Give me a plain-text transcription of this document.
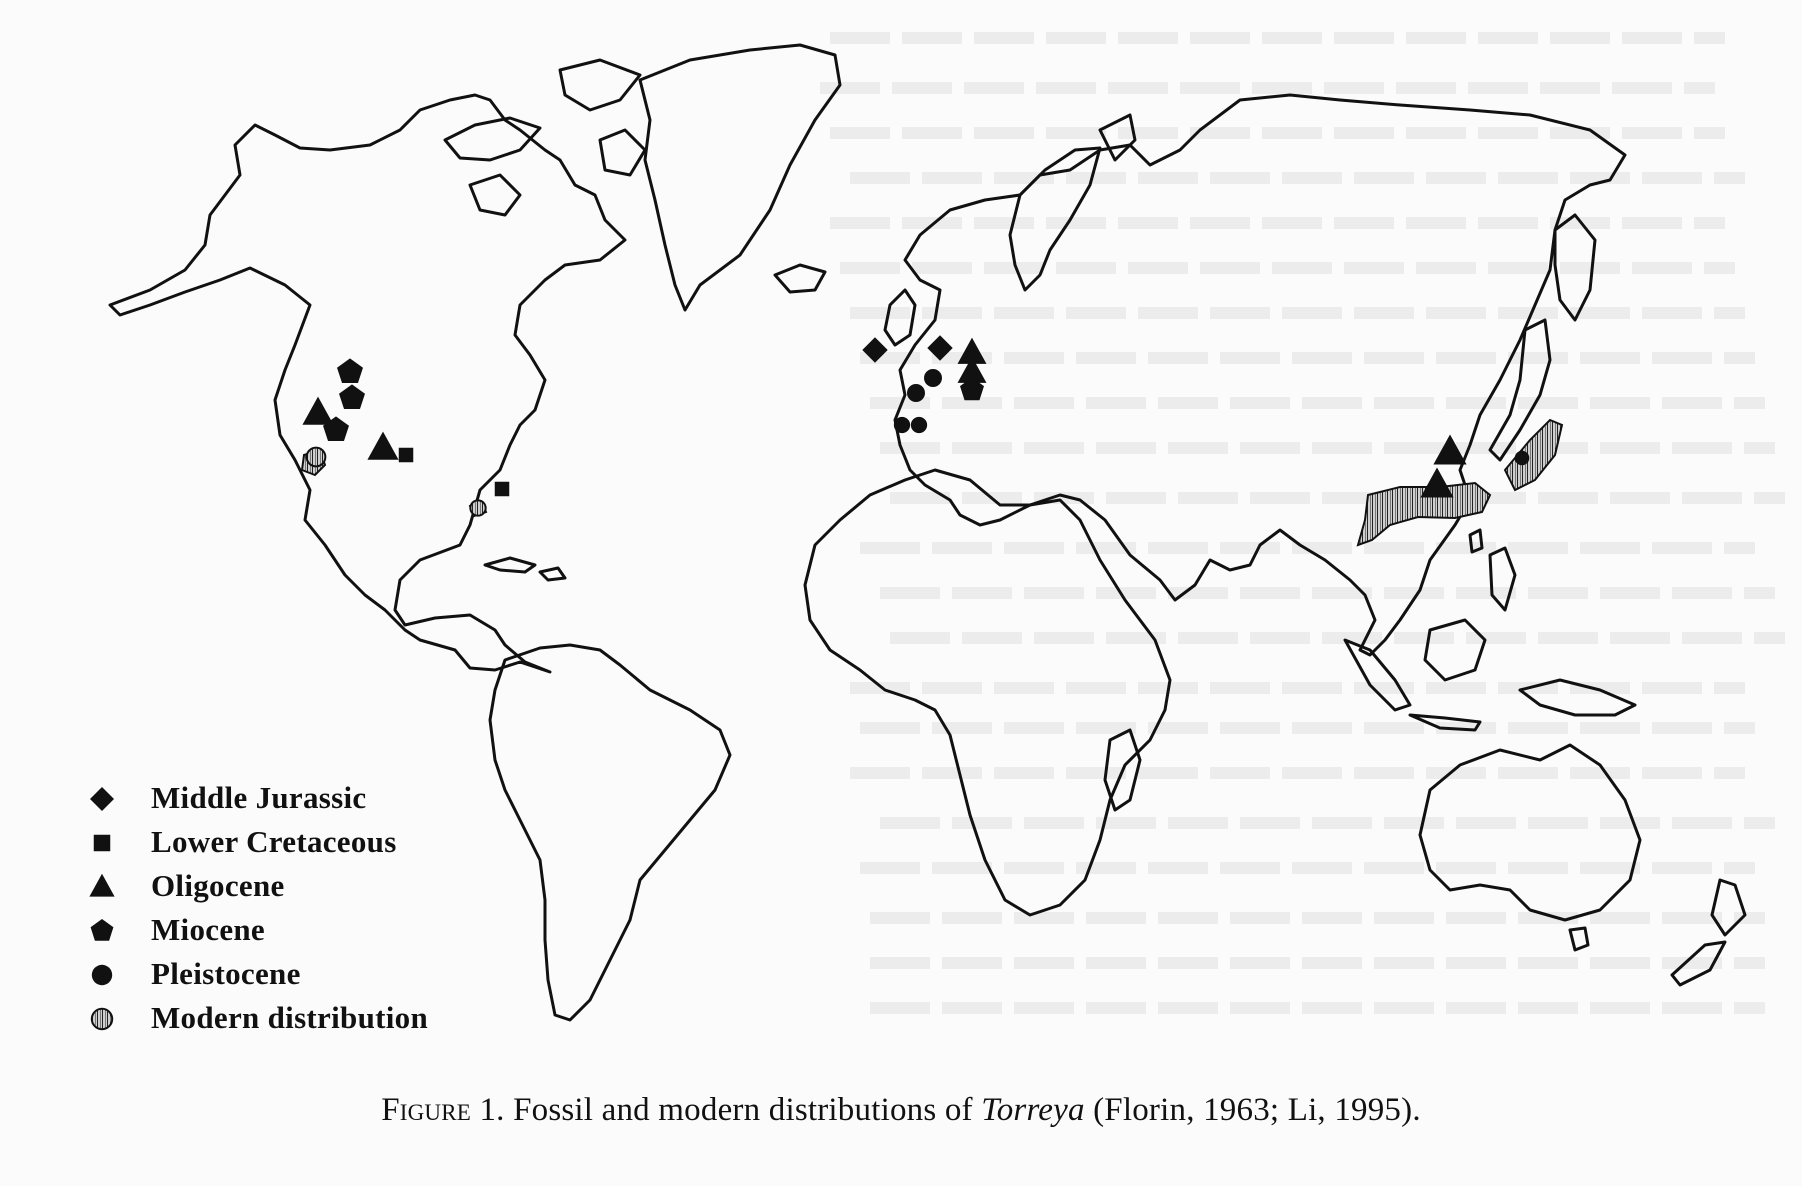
Middle Jurassic
Lower Cretaceous
Oligocene
Miocene
Pleistocene
Modern distribution
Figure 1. Fossil and modern distributions of Torreya (Florin, 1963; Li, 1995).
